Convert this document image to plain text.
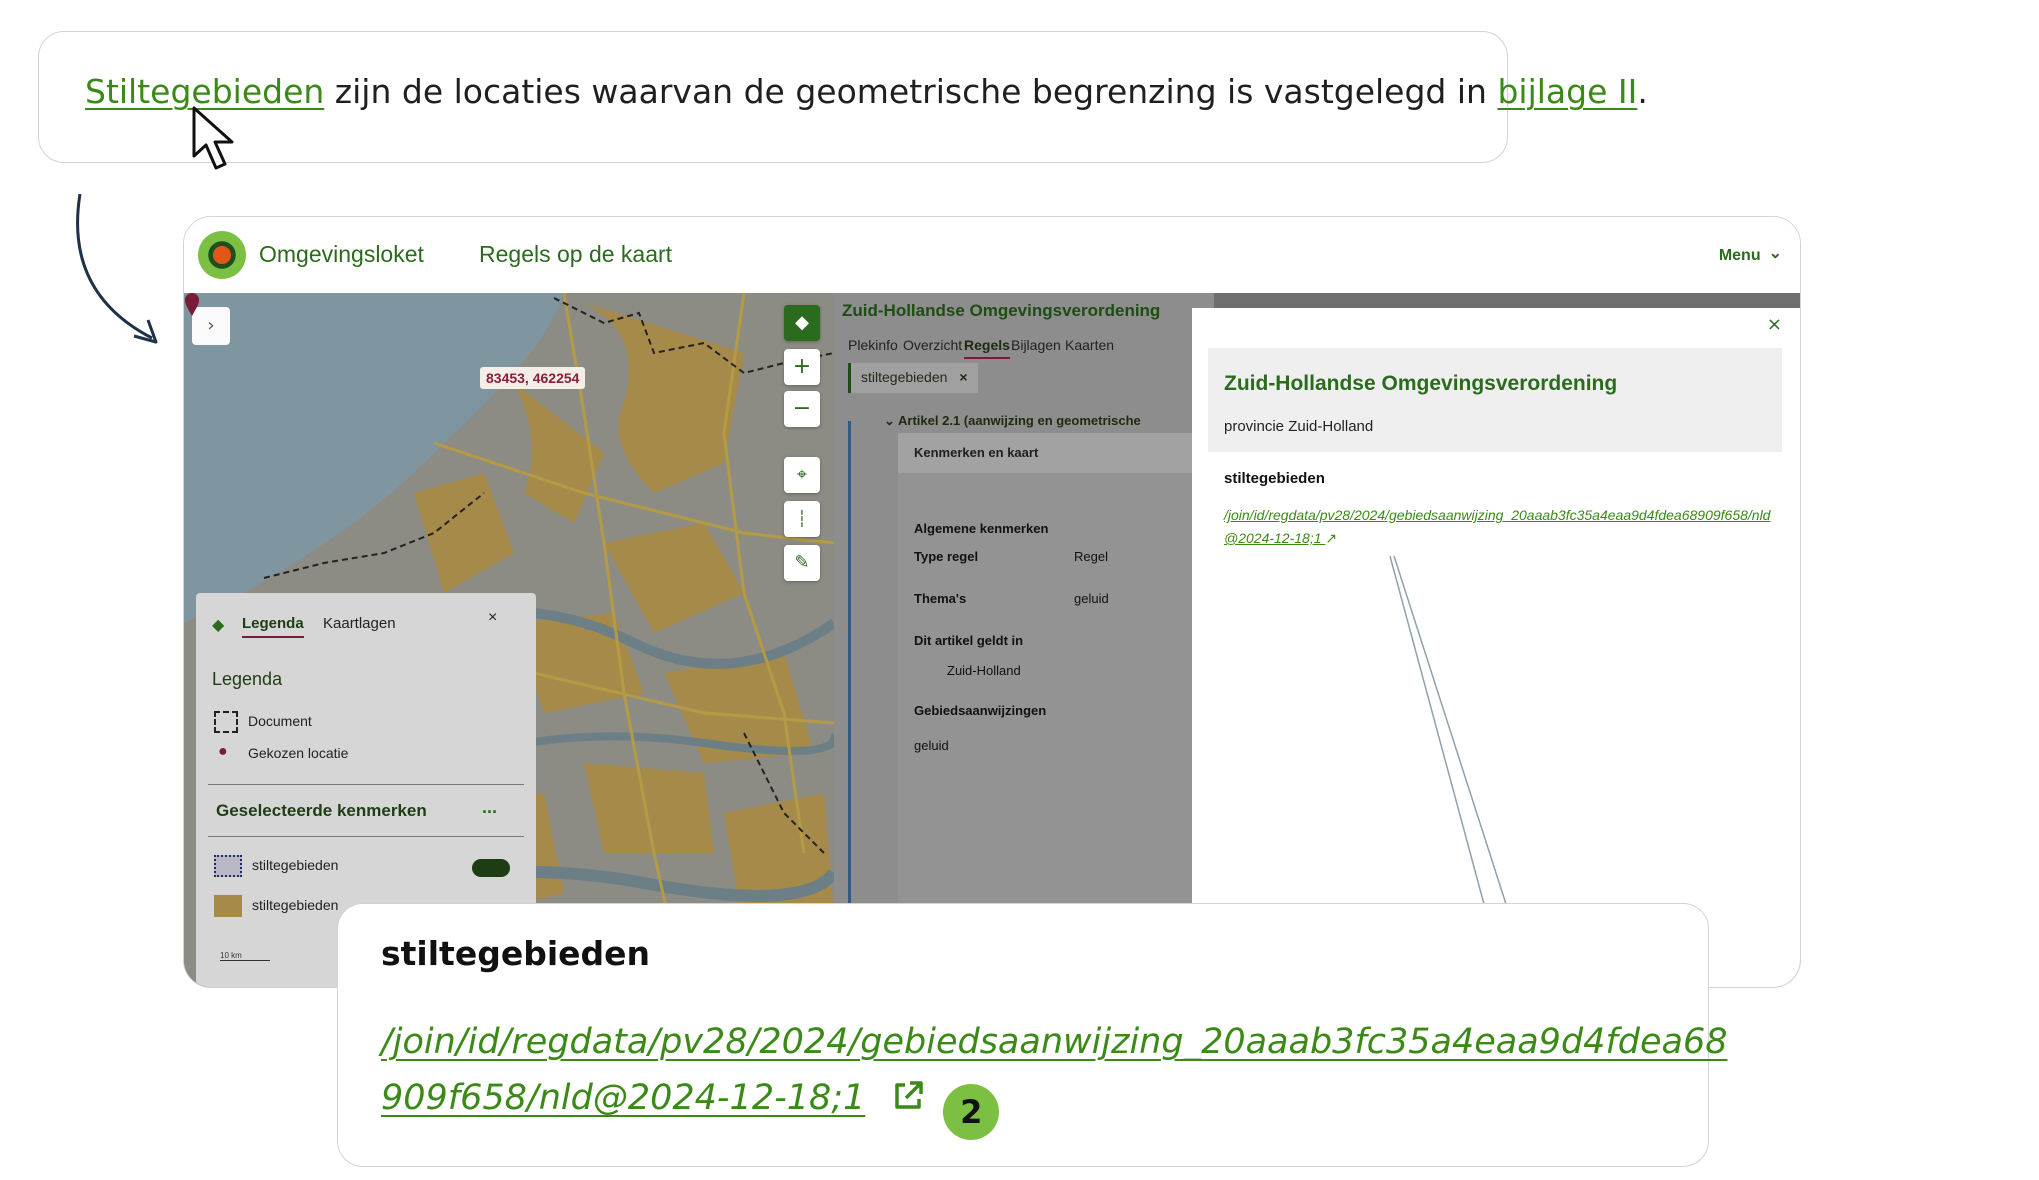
Stiltegebieden zijn de locaties waarvan de geometrische begrenzing is vastgelegd in bijlage II.
Omgevingsloket Regels op de kaart	Menu ⌄
›	◆
+
−
⌖
┆
✎
83453, 462254
◆ Legenda Kaartlagen	×
Legenda
Document
● Gekozen locatie
Geselecteerde kenmerken	...
stiltegebieden
stiltegebieden
10 km
Zuid-Hollandse Omgevingsverordening
Plekinfo Overzicht Regels Bijlagen Kaarten
stiltegebieden ×
⌄ Artikel 2.1 (aanwijzing en geometrische
Kenmerken en kaart
Algemene kenmerken
Type regel	Regel
Thema's	geluid
Dit artikel geldt in
Zuid-Holland
Gebiedsaanwijzingen
geluid
×
Zuid-Hollandse Omgevingsverordening
provincie Zuid-Holland
stiltegebieden
/join/id/regdata/pv28/2024/gebiedsaanwijzing_20aaab3fc35a4eaa9d4fdea68909f658/nld@2024-12-18;1 ↗
stiltegebieden
/join/id/regdata/pv28/2024/gebiedsaanwijzing_20aaab3fc35a4eaa9d4fdea68
909f658/nld@2024-12-18;1	2
